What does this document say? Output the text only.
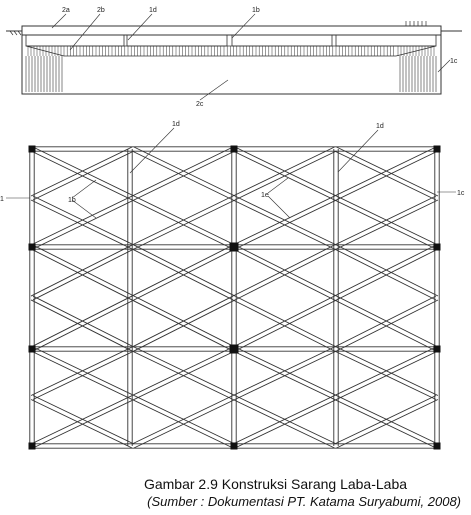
2a	2b	1d	1b
1c
2c
1d	1d
1b
1e	1c
1
Gambar 2.9 Konstruksi Sarang Laba-Laba
(Sumber : Dokumentasi PT. Katama Suryabumi, 2008)
